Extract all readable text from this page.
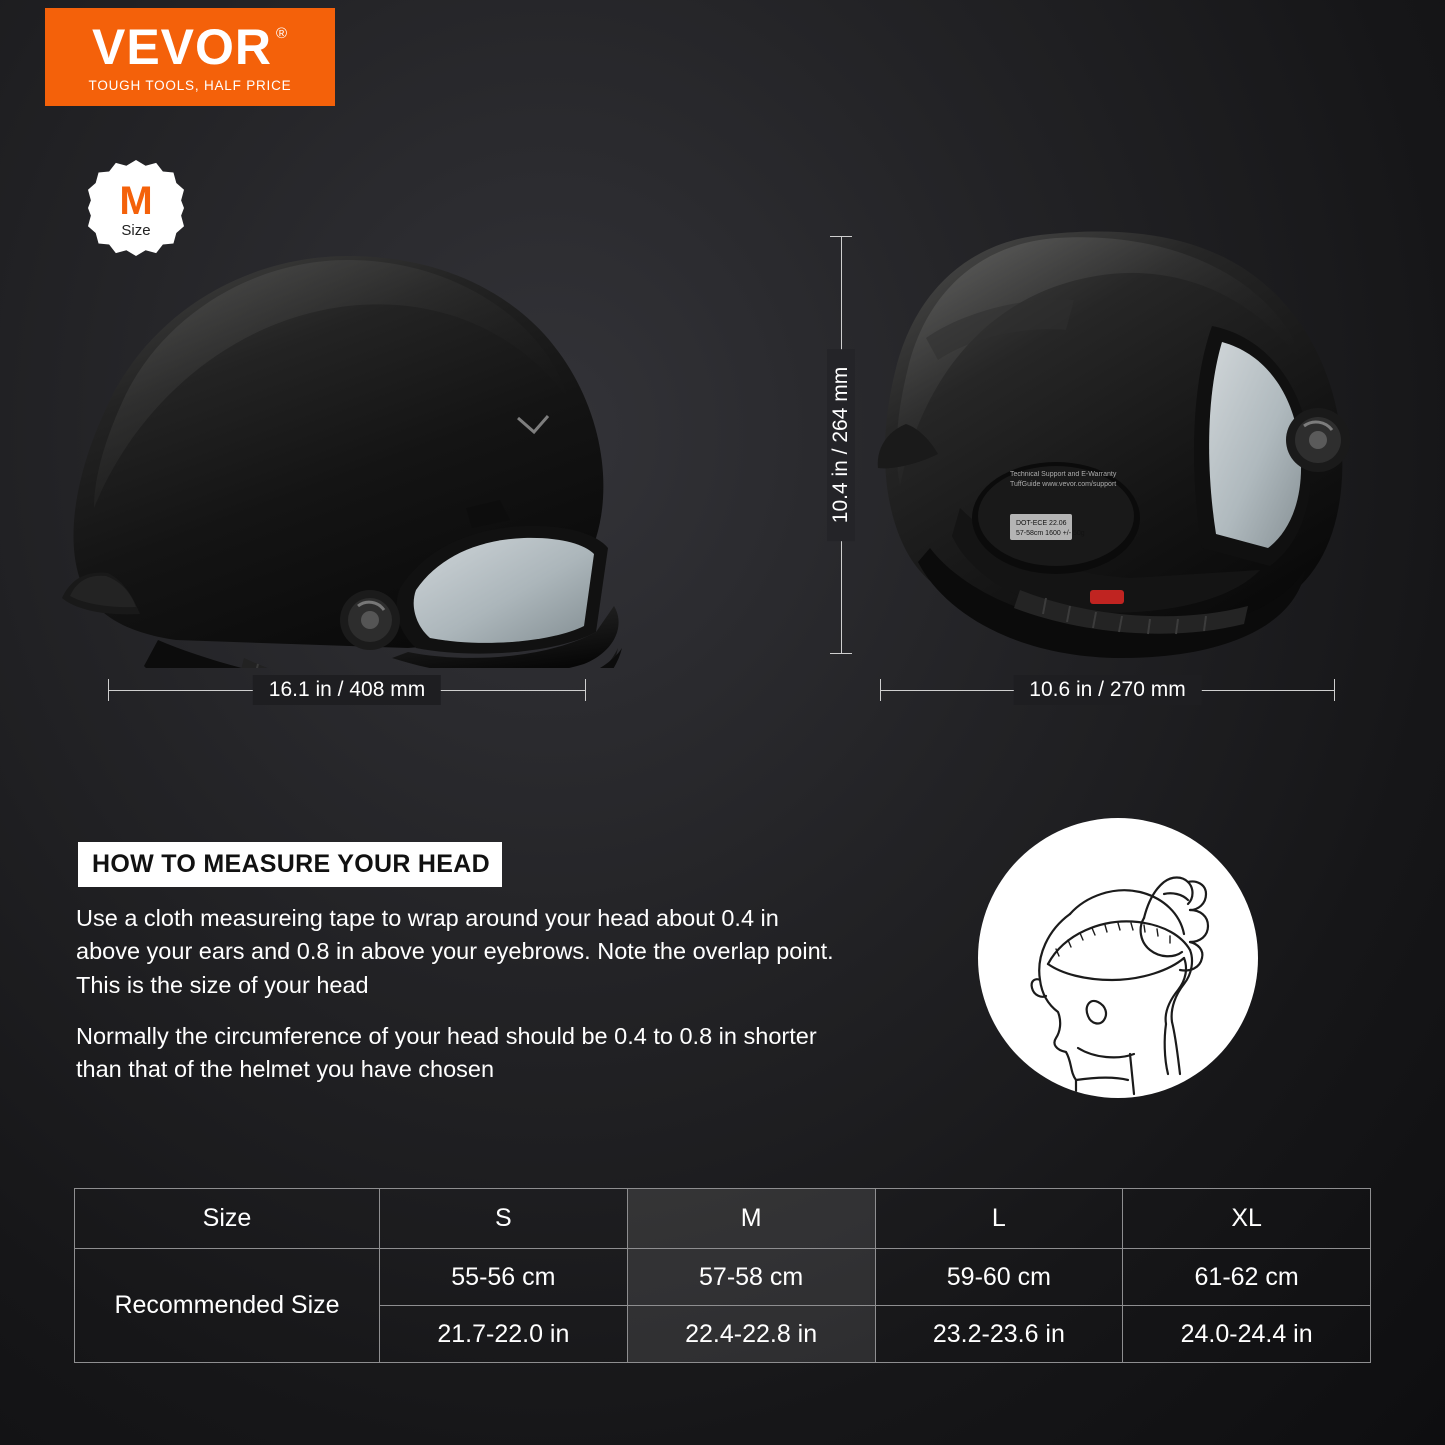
VEVOR ®
TOUGH TOOLS, HALF PRICE
M
Size
16.1 in / 408 mm
Technical Support and E-Warranty
TuffGuide www.vevor.com/support
DOT-ECE 22.06
57-58cm 1600 +/- 50g
10.4 in / 264 mm
10.6 in / 270 mm
HOW TO MEASURE YOUR HEAD
Use a cloth measureing tape to wrap around your head about 0.4 in above your ears and 0.8 in above your eyebrows. Note the overlap point. This is the size of your head
Normally the circumference of your head should be 0.4 to 0.8 in shorter than that of the helmet you have chosen
Size	S	M	L	XL
Recommended Size	55-56 cm	57-58 cm	59-60 cm	61-62 cm
	21.7-22.0 in	22.4-22.8 in	23.2-23.6 in	24.0-24.4 in
